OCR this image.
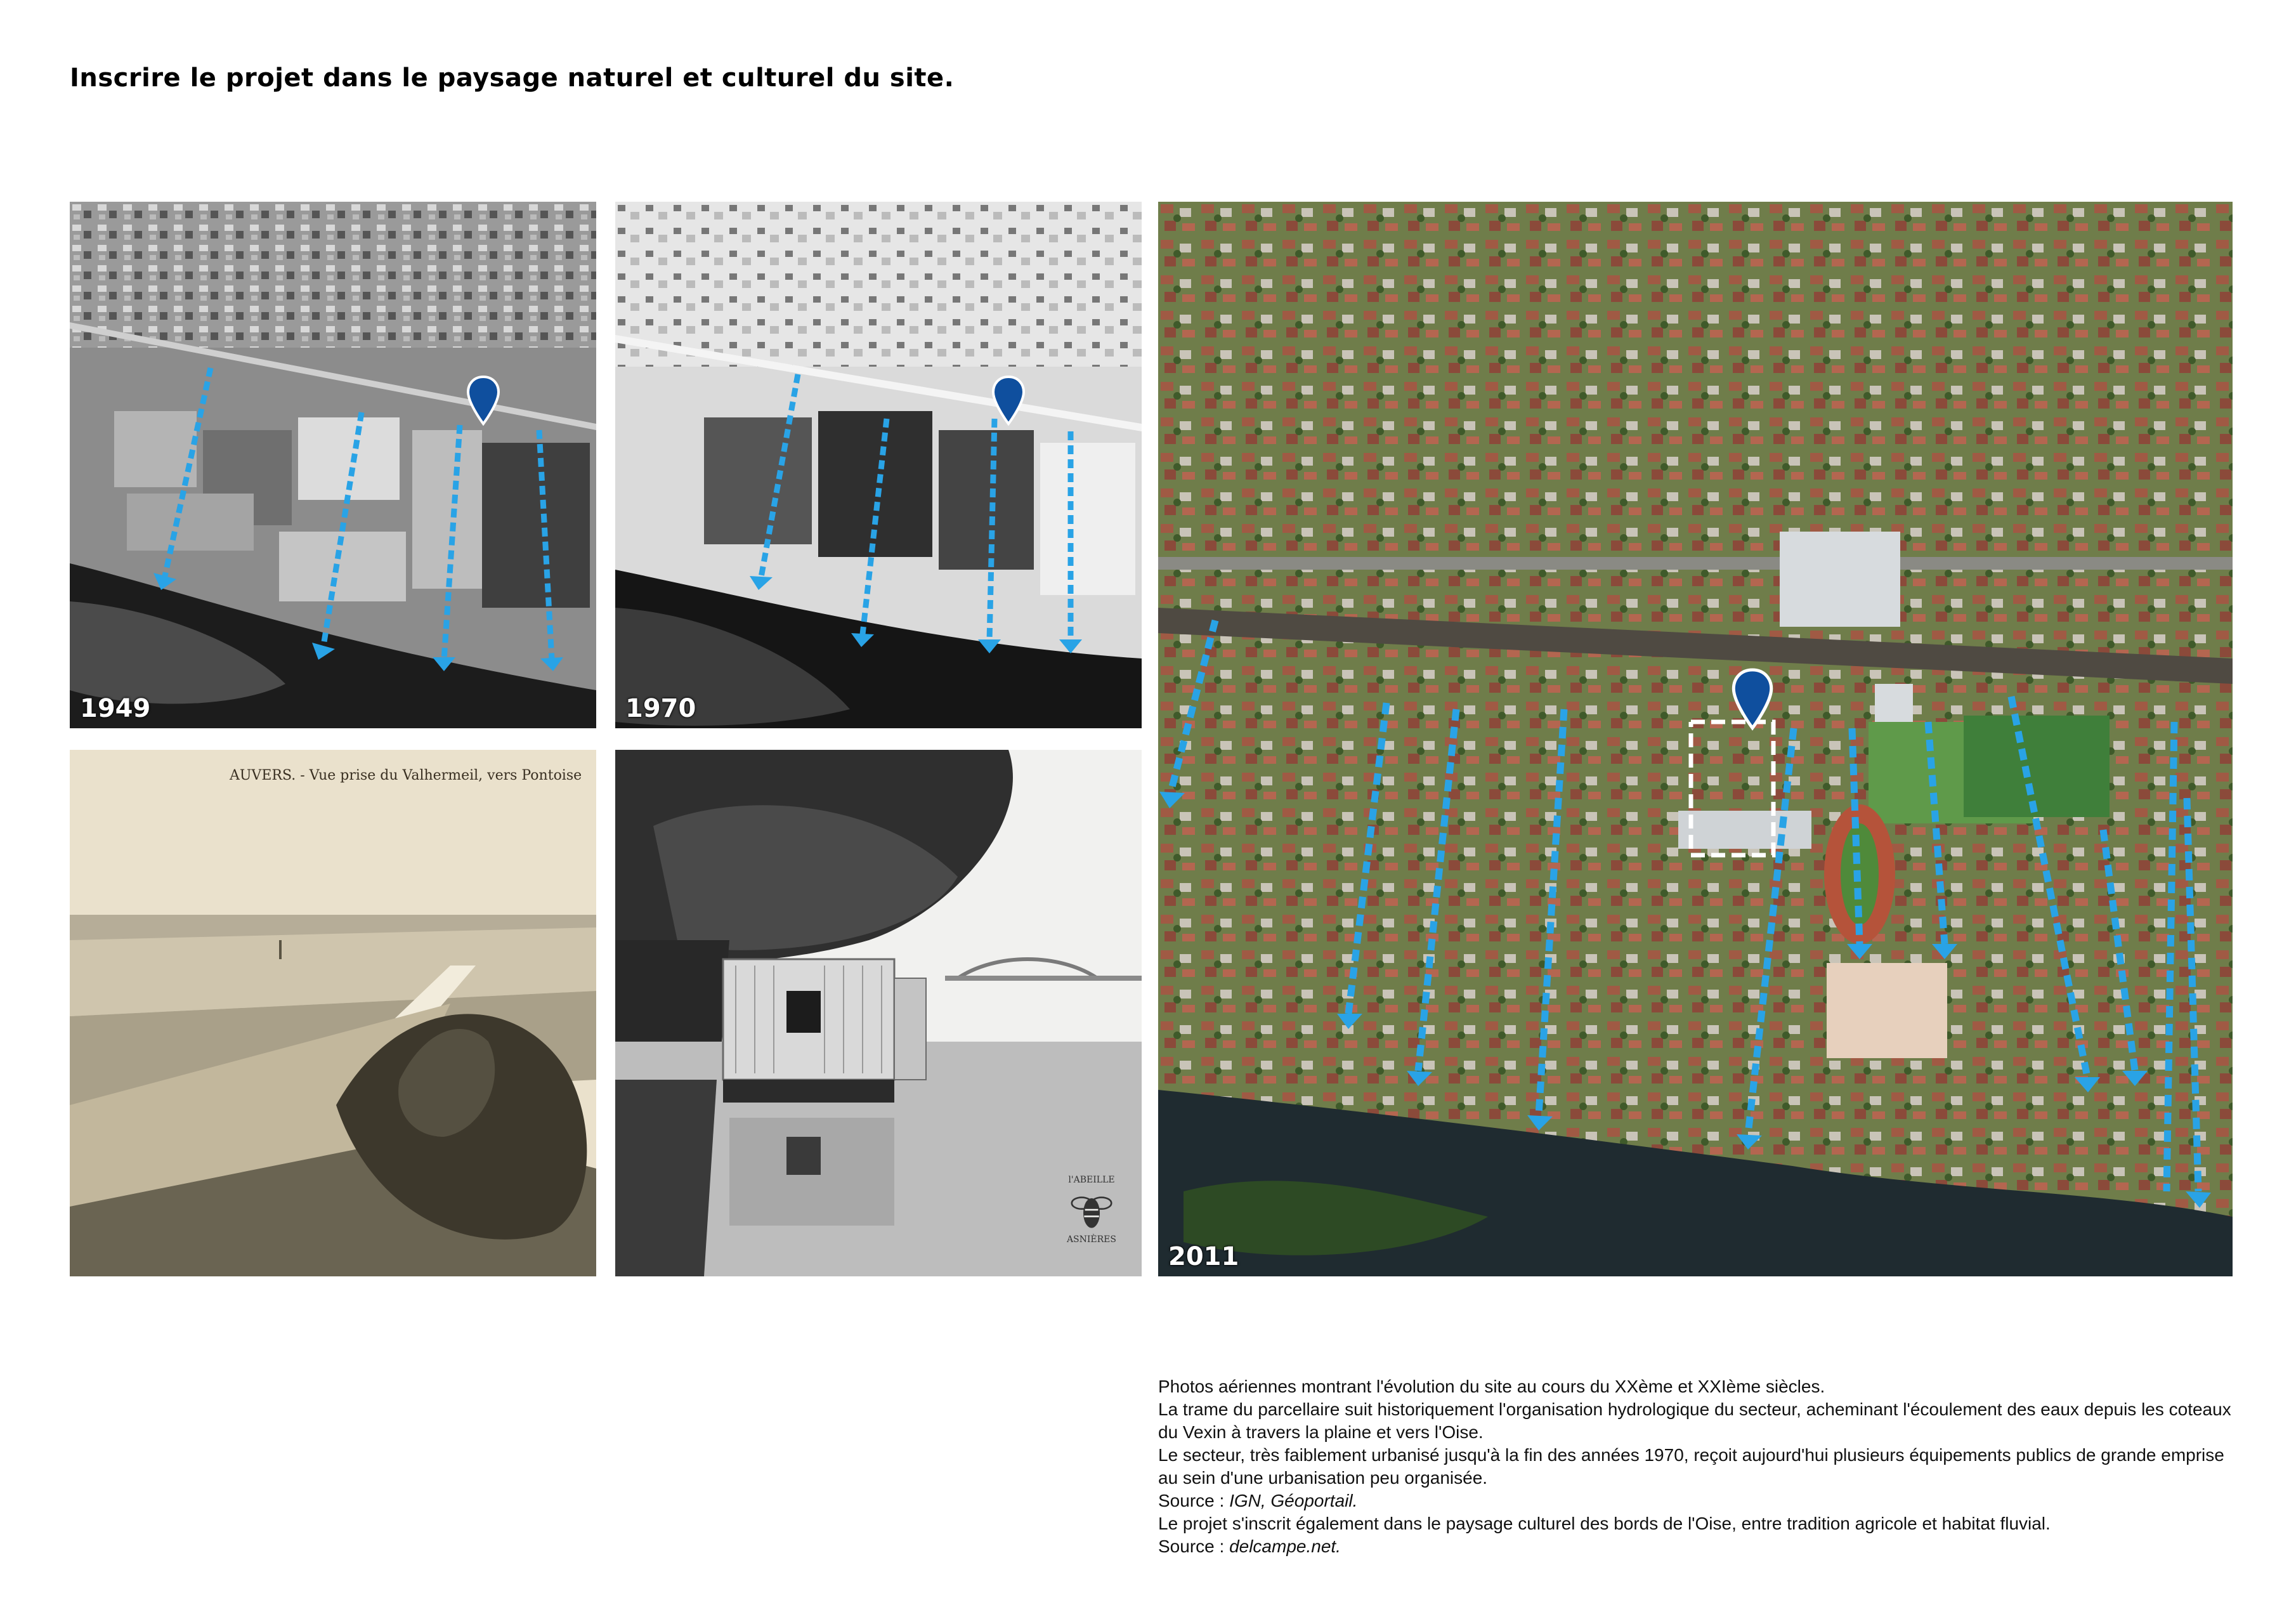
Inscrire le projet dans le paysage naturel et culturel du site.
1949	1970
2011
AUVERS. - Vue prise du Valhermeil, vers Pontoise
l'ABEILLE
ASNIÈRES

Photos aériennes montrant l'évolution du site au cours du XXème et XXIème siècles.

La trame du parcellaire suit historiquement l'organisation hydrologique du secteur, acheminant l'écoulement des eaux depuis les coteaux du Vexin à travers la plaine et vers l'Oise.

Le secteur, très faiblement urbanisé jusqu'à la fin des années 1970, reçoit aujourd'hui plusieurs équipements publics de grande emprise au sein d'une urbanisation peu organisée.

Source : IGN, Géoportail.

Le projet s'inscrit également dans le paysage culturel des bords de l'Oise, entre tradition agricole et habitat fluvial.

Source : delcampe.net.
